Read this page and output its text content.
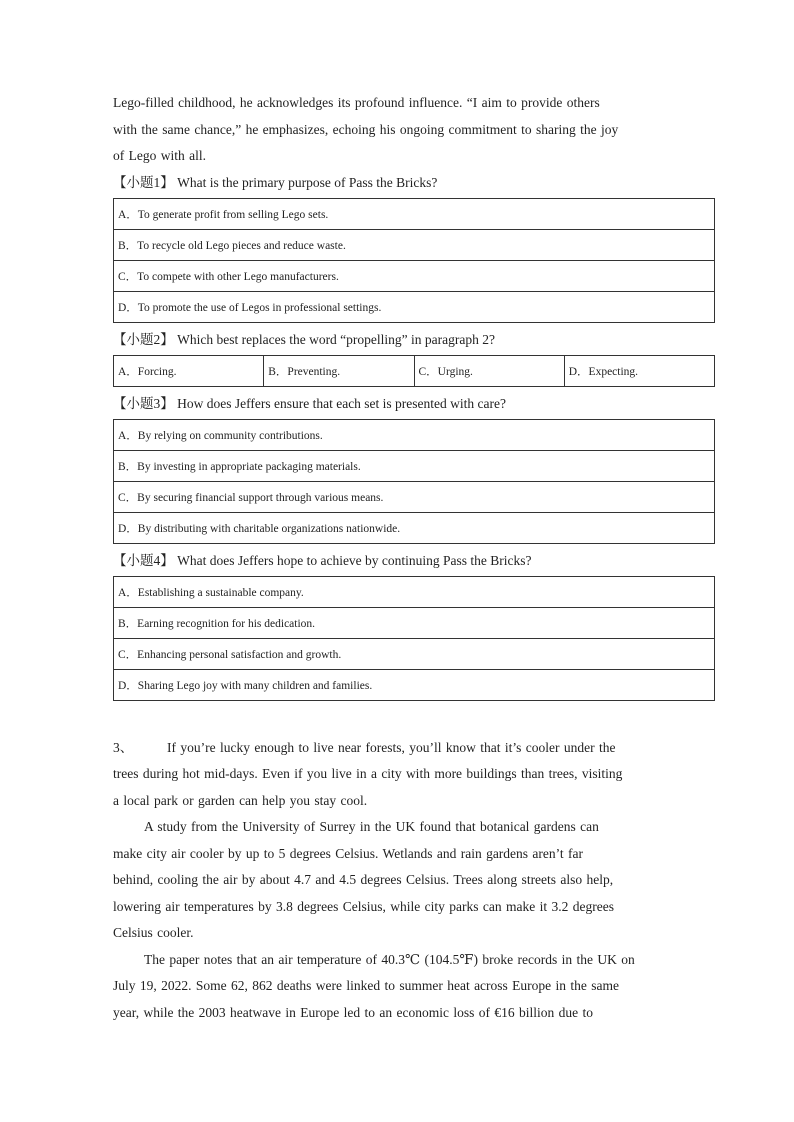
Lego-filled childhood, he acknowledges its profound influence. “I aim to provide others

with the same chance,” he emphasizes, echoing his ongoing commitment to sharing the joy

of Lego with all.

【小题1】 What is the primary purpose of Pass the Bricks?

A．To generate profit from selling Lego sets.
B．To recycle old Lego pieces and reduce waste.
C．To compete with other Lego manufacturers.
D．To promote the use of Legos in professional settings.

【小题2】 Which best replaces the word “propelling” in paragraph 2?

A．Forcing.	B．Preventing.	C．Urging.	D．Expecting.

【小题3】 How does Jeffers ensure that each set is presented with care?

A．By relying on community contributions.
B．By investing in appropriate packaging materials.
C．By securing financial support through various means.
D．By distributing with charitable organizations nationwide.

【小题4】 What does Jeffers hope to achieve by continuing Pass the Bricks?

A．Establishing a sustainable company.
B．Earning recognition for his dedication.
C．Enhancing personal satisfaction and growth.
D．Sharing Lego joy with many children and families.

3、	If you’re lucky enough to live near forests, you’ll know that it’s cooler under the

trees during hot mid-days. Even if you live in a city with more buildings than trees, visiting

a local park or garden can help you stay cool.

A study from the University of Surrey in the UK found that botanical gardens can

make city air cooler by up to 5 degrees Celsius. Wetlands and rain gardens aren’t far

behind, cooling the air by about 4.7 and 4.5 degrees Celsius. Trees along streets also help,

lowering air temperatures by 3.8 degrees Celsius, while city parks can make it 3.2 degrees

Celsius cooler.

The paper notes that an air temperature of 40.3℃ (104.5℉) broke records in the UK on

July 19, 2022. Some 62, 862 deaths were linked to summer heat across Europe in the same

year, while the 2003 heatwave in Europe led to an economic loss of €16 billion due to
